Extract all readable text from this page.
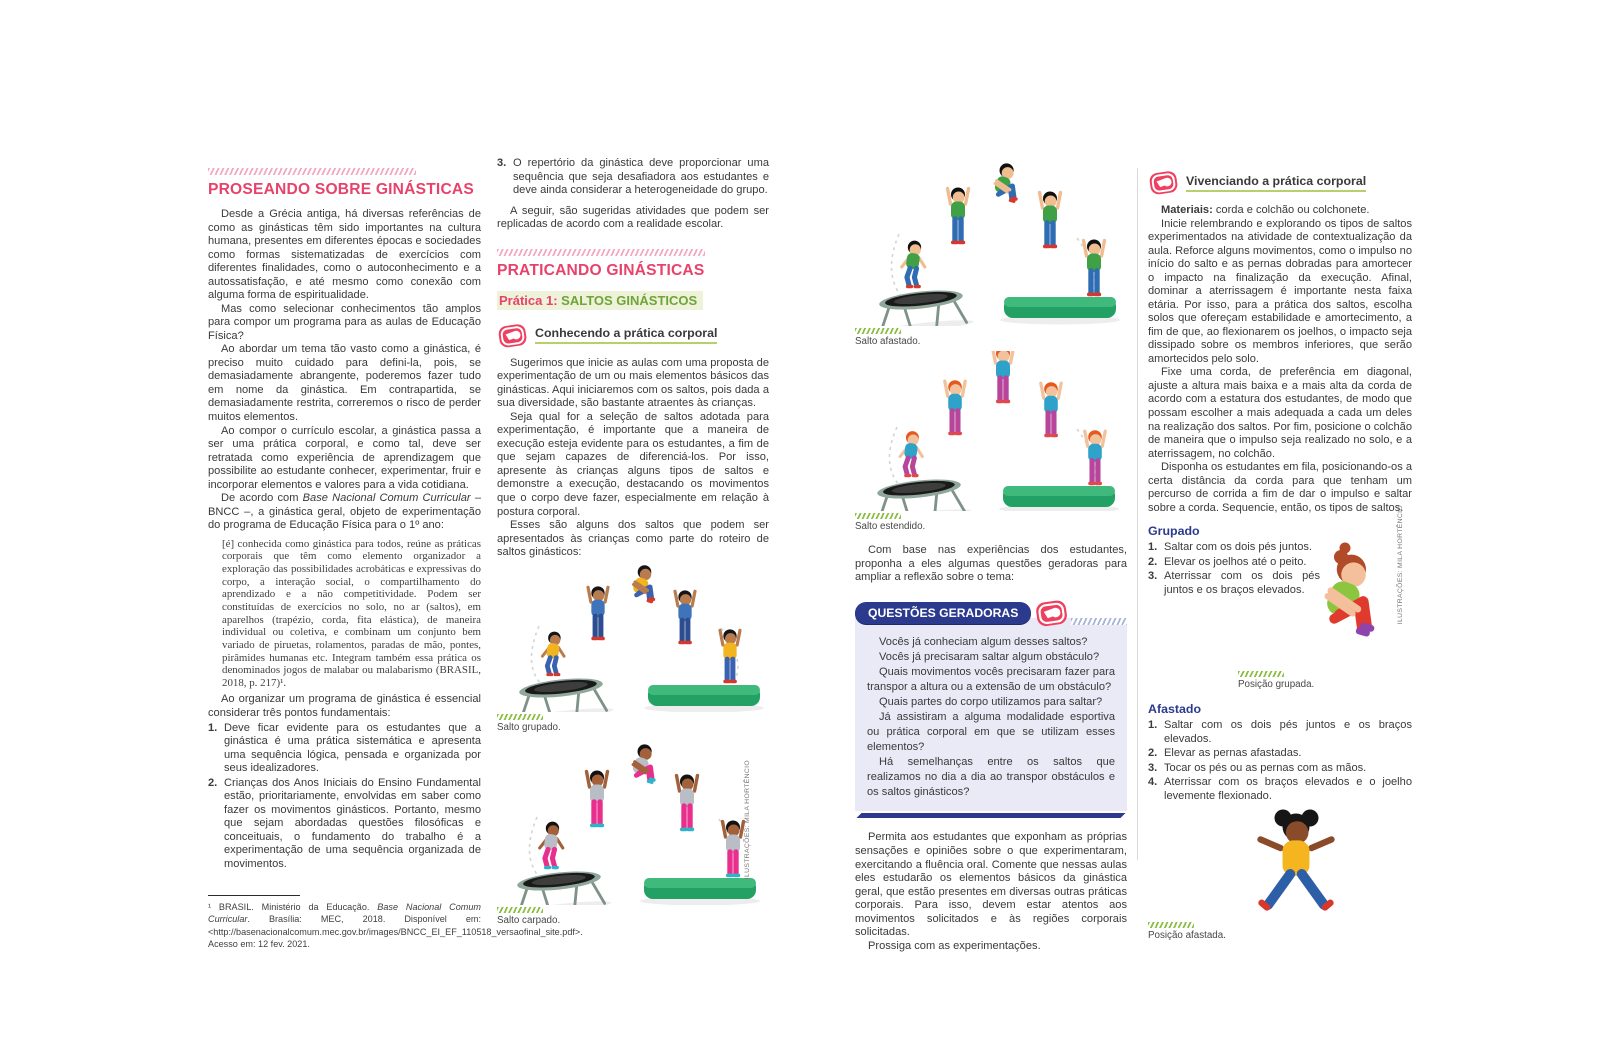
PROSEANDO SOBRE GINÁSTICAS

Desde a Grécia antiga, há diversas referências de como as ginásticas têm sido importantes na cultura humana, presentes em diferentes épocas e sociedades como formas sistematizadas de exercícios com diferentes finalidades, como o autoconhecimento e a autossatisfação, e até mesmo como conexão com alguma forma de espiritualidade.

Mas como selecionar conhecimentos tão amplos para compor um programa para as aulas de Educação Física?

Ao abordar um tema tão vasto como a ginástica, é preciso muito cuidado para defini-la, pois, se demasiadamente abrangente, poderemos fazer tudo em nome da ginástica. Em contrapartida, se demasiadamente restrita, correremos o risco de perder muitos elementos.

Ao compor o currículo escolar, a ginástica passa a ser uma prática corporal, e como tal, deve ser retratada como experiência de aprendizagem que possibilite ao estudante conhecer, experimentar, fruir e incorporar elementos e valores para a vida cotidiana.

De acordo com Base Nacional Comum Curricular – BNCC –, a ginástica geral, objeto de experimentação do programa de Educação Física para o 1º ano:

[é] conhecida como ginástica para todos, reúne as práticas corporais que têm como elemento organizador a exploração das possibilidades acrobáticas e expressivas do corpo, a interação social, o compartilhamento do aprendizado e a não competitividade. Podem ser constituídas de exercícios no solo, no ar (saltos), em aparelhos (trapézio, corda, fita elástica), de maneira individual ou coletiva, e combinam um conjunto bem variado de piruetas, rolamentos, paradas de mão, pontes, pirâmides humanas etc. Integram também essa prática os denominados jogos de malabar ou malabarismo (BRASIL, 2018, p. 217)¹.

Ao organizar um programa de ginástica é essencial considerar três pontos fundamentais:

1. Deve ficar evidente para os estudantes que a ginástica é uma prática sistemática e apresenta uma sequência lógica, pensada e organizada por seus idealizadores.
2. Crianças dos Anos Iniciais do Ensino Fundamental estão, prioritariamente, envolvidas em saber como fazer os movimentos ginásticos. Portanto, mesmo que sejam abordadas questões filosóficas e conceituais, o fundamento do trabalho é a experimentação de uma sequência organizada de movimentos.
¹ BRASIL. Ministério da Educação. Base Nacional Comum Curricular. Brasília: MEC, 2018. Disponível em: <http://basenacionalcomum.mec.gov.br/images/BNCC_EI_EF_110518_versaofinal_site.pdf>. Acesso em: 12 fev. 2021.
3. O repertório da ginástica deve proporcionar uma sequência que seja desafiadora aos estudantes e deve ainda considerar a heterogeneidade do grupo.

A seguir, são sugeridas atividades que podem ser replicadas de acordo com a realidade escolar.

PRATICANDO GINÁSTICAS
Prática 1: SALTOS GINÁSTICOS
Conhecendo a prática corporal

Sugerimos que inicie as aulas com uma proposta de experimentação de um ou mais elementos básicos das ginásticas. Aqui iniciaremos com os saltos, pois dada a sua diversidade, são bastante atraentes às crianças.

Seja qual for a seleção de saltos adotada para experimentação, é importante que a maneira de execução esteja evidente para os estudantes, a fim de que sejam capazes de diferenciá-los. Por isso, apresente às crianças alguns tipos de saltos e demonstre a execução, destacando os movimentos que o corpo deve fazer, especialmente em relação à postura corporal.

Esses são alguns dos saltos que podem ser apresentados às crianças como parte do roteiro de saltos ginásticos:

Salto grupado.
Salto carpado.
ILUSTRAÇÕES: MILA HORTÊNCIO
Salto afastado.
Salto estendido.

Com base nas experiências dos estudantes, proponha a eles algumas questões geradoras para ampliar a reflexão sobre o tema:

QUESTÕES GERADORAS

Vocês já conheciam algum desses saltos?

Vocês já precisaram saltar algum obstáculo?

Quais movimentos vocês precisaram fazer para transpor a altura ou a extensão de um obstáculo?

Quais partes do corpo utilizamos para saltar?

Já assistiram a alguma modalidade esportiva ou prática corporal em que se utilizam esses elementos?

Há semelhanças entre os saltos que realizamos no dia a dia ao transpor obstáculos e os saltos ginásticos?

Permita aos estudantes que exponham as próprias sensações e opiniões sobre o que experimentaram, exercitando a fluência oral. Comente que nessas aulas eles estudarão os elementos básicos da ginástica geral, que estão presentes em diversas outras práticas corporais. Para isso, devem estar atentos aos movimentos solicitados e às regiões corporais solicitadas.

Prossiga com as experimentações.

Vivenciando a prática corporal

Materiais: corda e colchão ou colchonete.

Inicie relembrando e explorando os tipos de saltos experimentados na atividade de contextualização da aula. Reforce alguns movimentos, como o impulso no início do salto e as pernas dobradas para amortecer o impacto na finalização da execução. Afinal, dominar a aterrissagem é importante nesta faixa etária. Por isso, para a prática dos saltos, escolha solos que ofereçam estabilidade e amortecimento, a fim de que, ao flexionarem os joelhos, o impacto seja dissipado sobre os membros inferiores, que serão amortecidos pelo solo.

Fixe uma corda, de preferência em diagonal, ajuste a altura mais baixa e a mais alta da corda de acordo com a estatura dos estudantes, de modo que possam escolher a mais adequada a cada um deles na realização dos saltos. Por fim, posicione o colchão de maneira que o impulso seja realizado no solo, e a aterrissagem, no colchão.

Disponha os estudantes em fila, posicionando-os a certa distância da corda para que tenham um percurso de corrida a fim de dar o impulso e saltar sobre a corda. Sequencie, então, os tipos de saltos.

Grupado
1. Saltar com os dois pés juntos.
2. Elevar os joelhos até o peito.
3. Aterrissar com os dois pés juntos e os braços elevados.
Posição grupada.
Afastado
1. Saltar com os dois pés juntos e os braços elevados.
2. Elevar as pernas afastadas.
3. Tocar os pés ou as pernas com as mãos.
4. Aterrissar com os braços elevados e o joelho levemente flexionado.
Posição afastada.
ILUSTRAÇÕES: MILA HORTÊNCIO
